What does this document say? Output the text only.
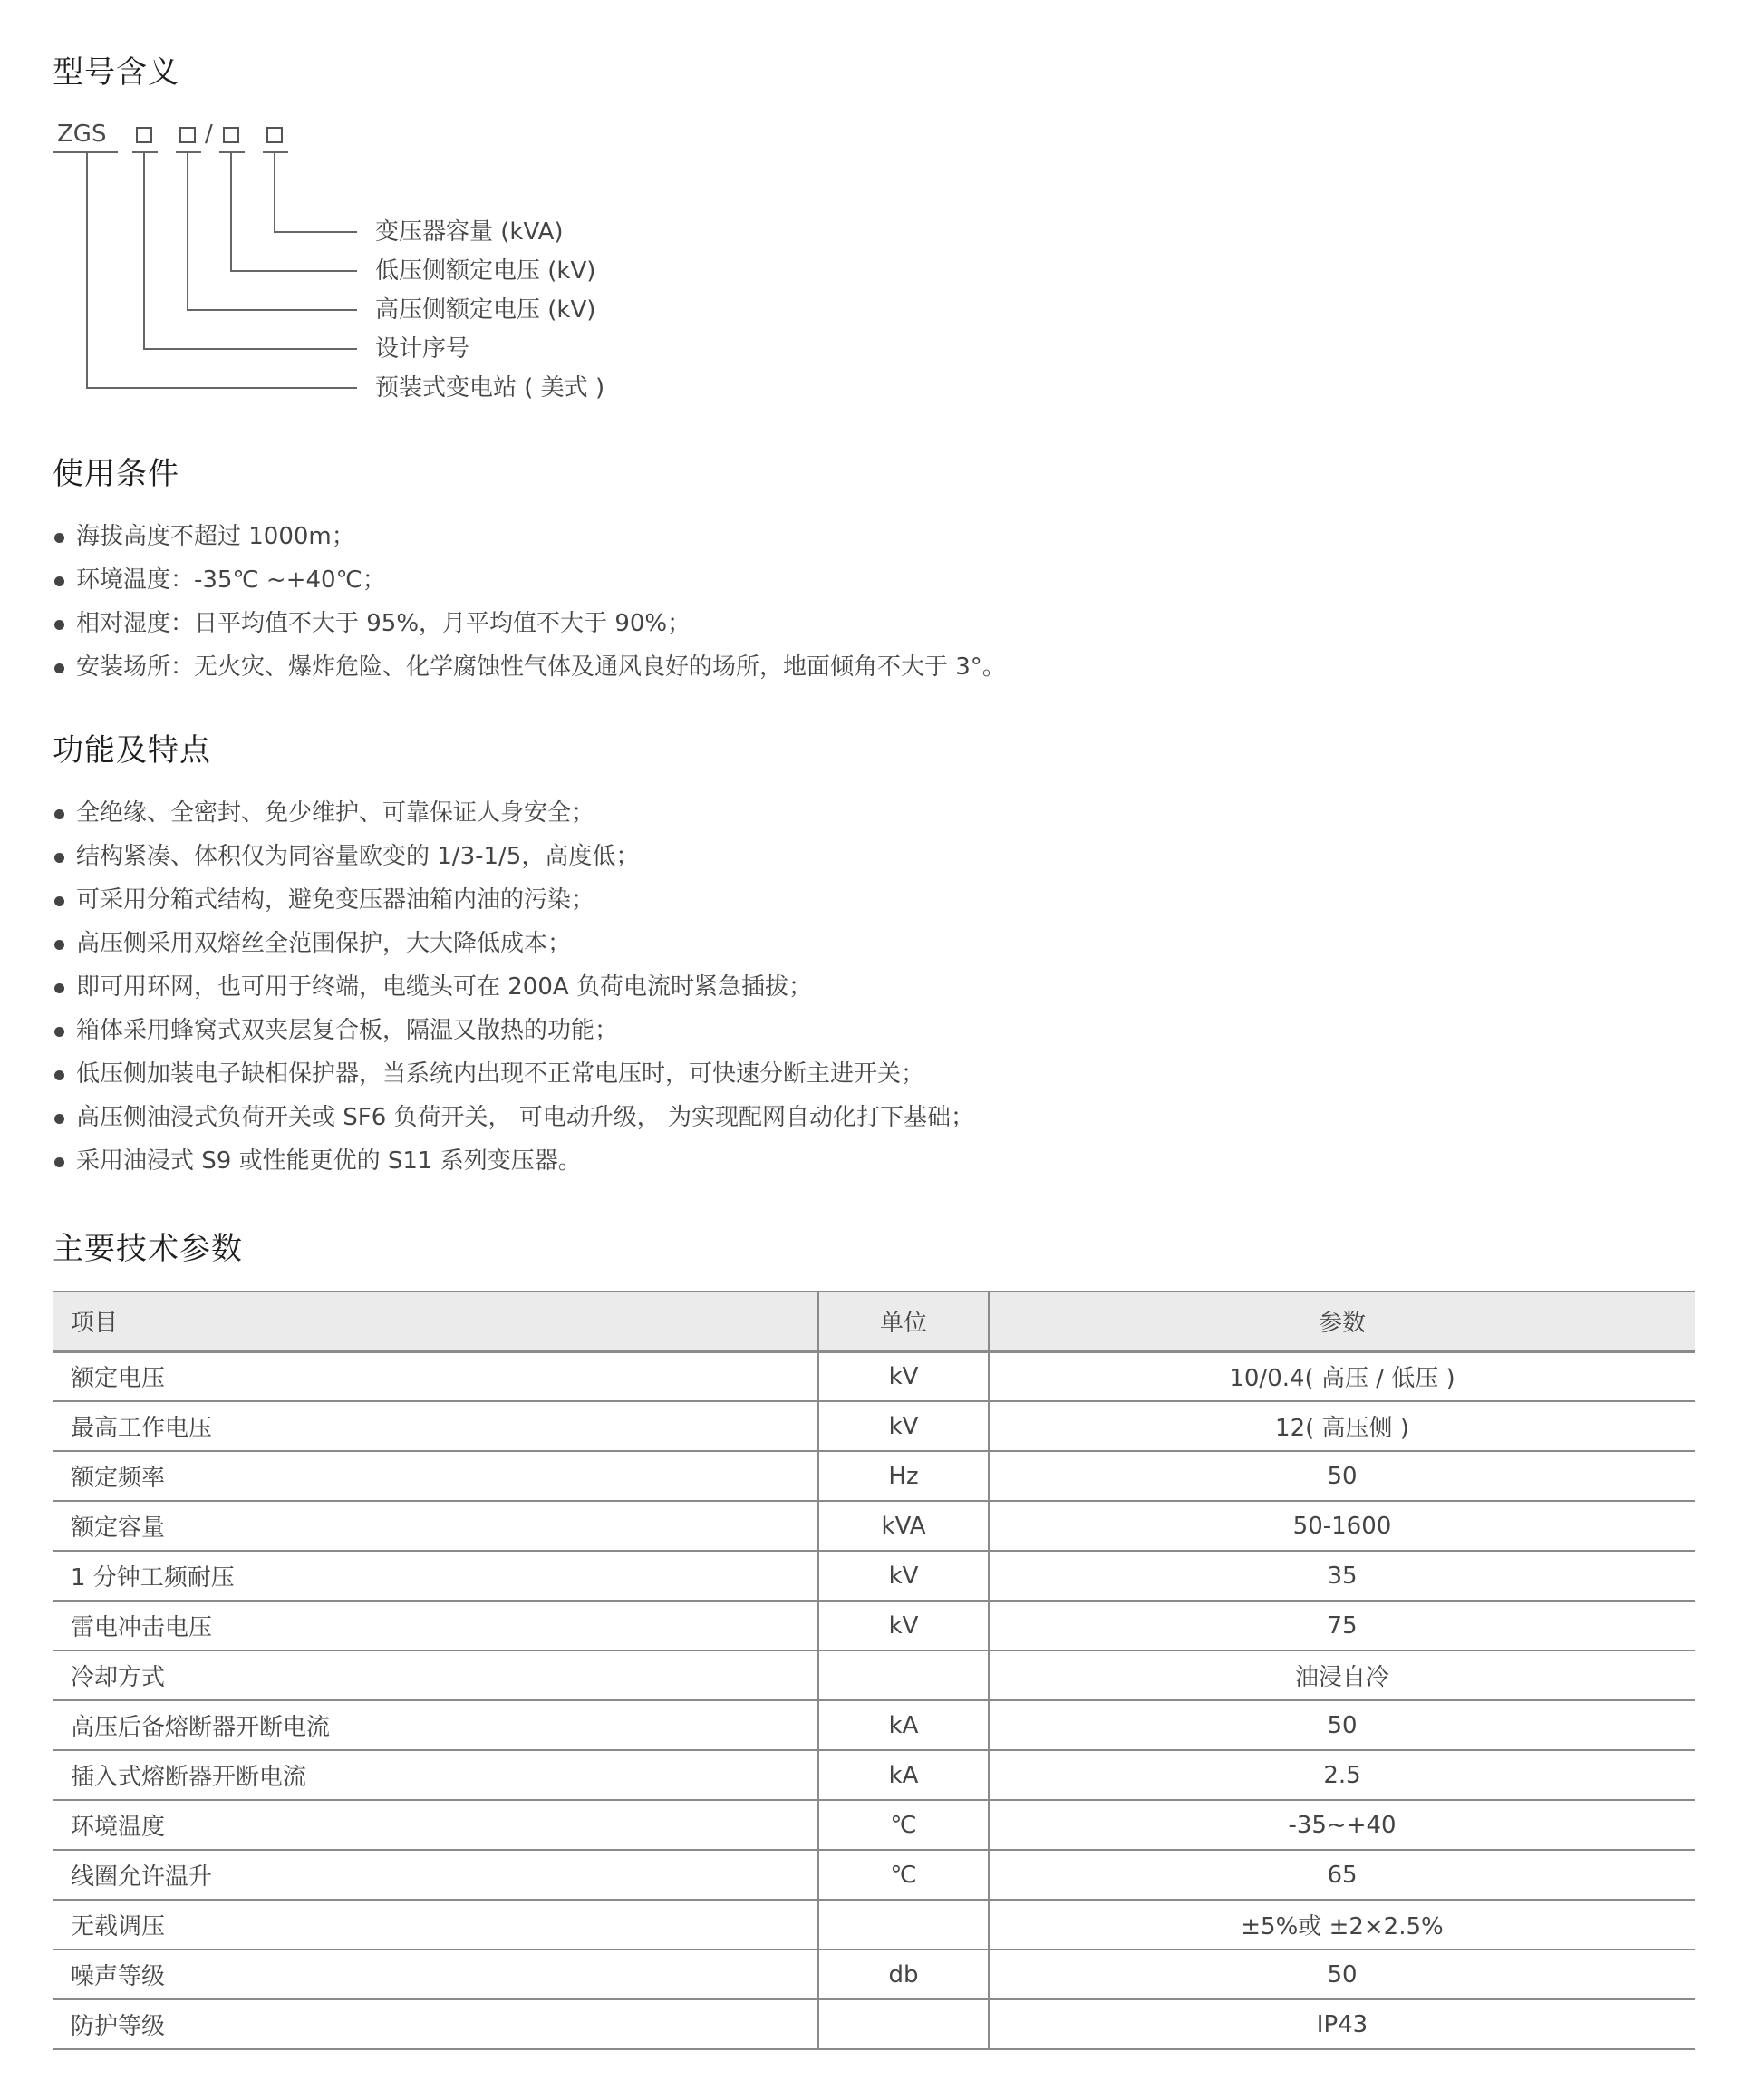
型号含义
ZGS	/
变压器容量 (kVA)
低压侧额定电压 (kV)
高压侧额定电压 (kV)
设计序号
预装式变电站 ( 美式 )
使用条件
海拔高度不超过 1000m；
环境温度：-35℃ ~+40℃；
相对湿度：日平均值不大于 95%，月平均值不大于 90%；
安装场所：无火灾、爆炸危险、化学腐蚀性气体及通风良好的场所，地面倾角不大于 3°。
功能及特点
全绝缘、全密封、免少维护、可靠保证人身安全；
结构紧凑、体积仅为同容量欧变的 1/3-1/5，高度低；
可采用分箱式结构，避免变压器油箱内油的污染；
高压侧采用双熔丝全范围保护，大大降低成本；
即可用环网，也可用于终端，电缆头可在 200A 负荷电流时紧急插拔；
箱体采用蜂窝式双夹层复合板，隔温又散热的功能；
低压侧加装电子缺相保护器，当系统内出现不正常电压时，可快速分断主进开关；
高压侧油浸式负荷开关或 SF6 负荷开关， 可电动升级， 为实现配网自动化打下基础；
采用油浸式 S9 或性能更优的 S11 系列变压器。
主要技术参数
项目	单位	参数
额定电压	kV	10/0.4( 高压 / 低压 )
最高工作电压	kV	12( 高压侧 )
额定频率	Hz	50
额定容量	kVA	50-1600
1 分钟工频耐压	kV	35
雷电冲击电压	kV	75
冷却方式		油浸自冷
高压后备熔断器开断电流	kA	50
插入式熔断器开断电流	kA	2.5
环境温度	℃	-35~+40
线圈允许温升	℃	65
无载调压		±5%或 ±2×2.5%
噪声等级	db	50
防护等级		IP43
